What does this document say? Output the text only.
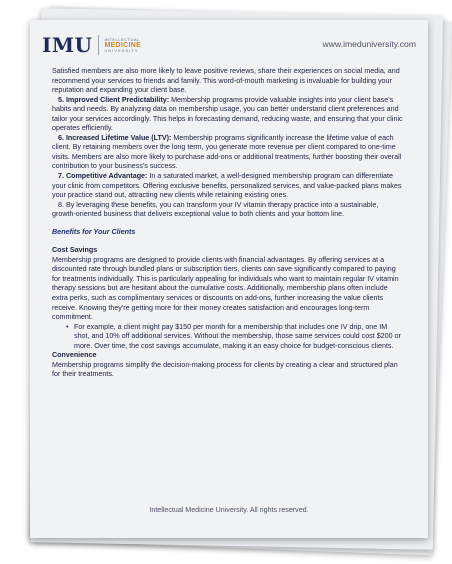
IMU	INTELLECTUAL
MEDICINE
UNIVERSITY
www.imeduniversity.com

Satisfied members are also more likely to leave positive reviews, share their experiences on social media, and recommend your services to friends and family. This word-of-mouth marketing is invaluable for building your reputation and expanding your client base.

5. Improved Client Predictability: Membership programs provide valuable insights into your client base's habits and needs. By analyzing data on membership usage, you can better understand client preferences and tailor your services accordingly. This helps in forecasting demand, reducing waste, and ensuring that your clinic operates efficiently.

6. Increased Lifetime Value (LTV): Membership programs significantly increase the lifetime value of each client. By retaining members over the long term, you generate more revenue per client compared to one-time visits. Members are also more likely to purchase add-ons or additional treatments, further boosting their overall contribution to your business's success.

7. Competitive Advantage: In a saturated market, a well-designed membership program can differentiate your clinic from competitors. Offering exclusive benefits, personalized services, and value-packed plans makes your practice stand out, attracting new clients while retaining existing ones.

8. By leveraging these benefits, you can transform your IV vitamin therapy practice into a sustainable, growth-oriented business that delivers exceptional value to both clients and your bottom line.

Benefits for Your Clients

Cost Savings

Membership programs are designed to provide clients with financial advantages. By offering services at a discounted rate through bundled plans or subscription tiers, clients can save significantly compared to paying for treatments individually. This is particularly appealing for individuals who want to maintain regular IV vitamin therapy sessions but are hesitant about the cumulative costs. Additionally, membership plans often include extra perks, such as complimentary services or discounts on add-ons, further increasing the value clients receive. Knowing they're getting more for their money creates satisfaction and encourages long-term commitment.

• For example, a client might pay $150 per month for a membership that includes one IV drip, one IM shot, and 10% off additional services. Without the membership, those same services could cost $200 or more. Over time, the cost savings accumulate, making it an easy choice for budget-conscious clients.

Convenience

Membership programs simplify the decision-making process for clients by creating a clear and structured plan for their treatments.

Intellectual Medicine University. All rights reserved.
